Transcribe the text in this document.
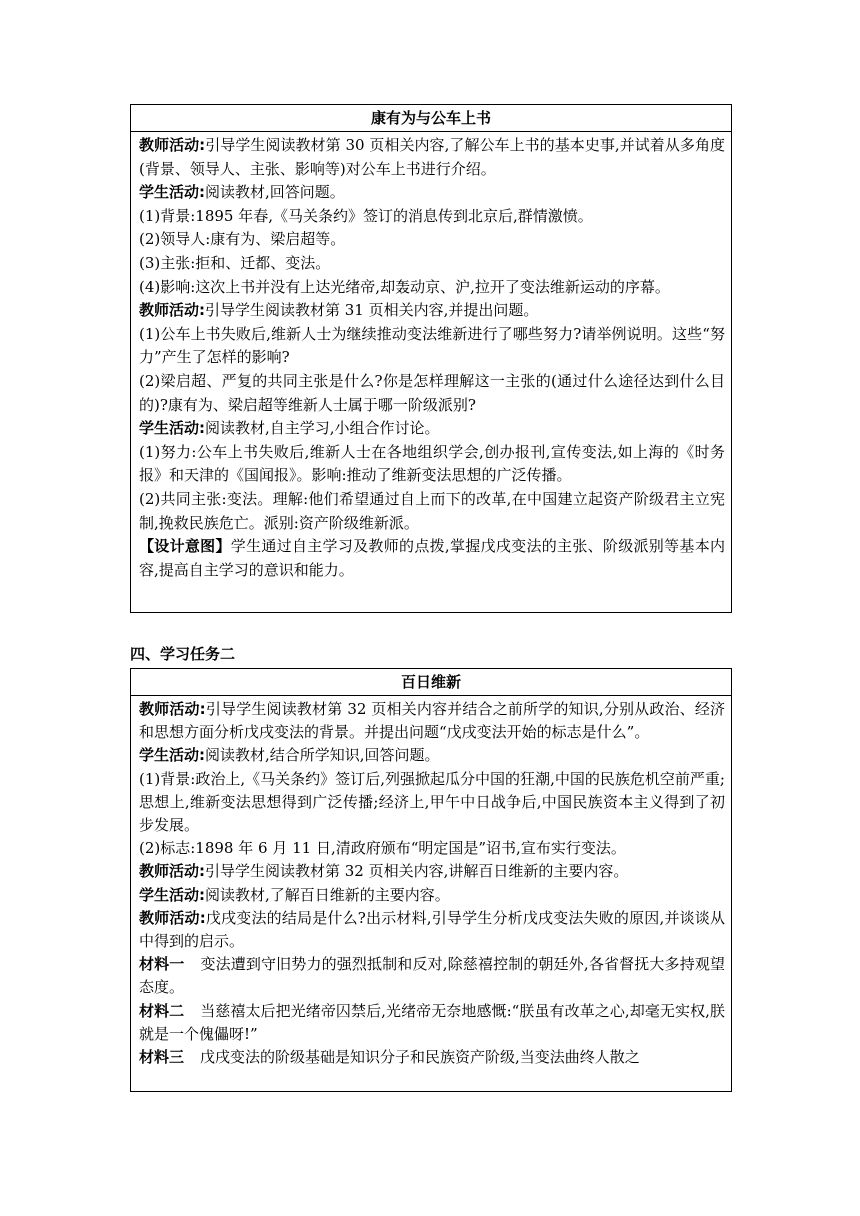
康有为与公车上书

教师活动:引导学生阅读教材第 30 页相关内容,了解公车上书的基本史事,并试着从多角度(背景、领导人、主张、影响等)对公车上书进行介绍。

学生活动:阅读教材,回答问题。

(1)背景:1895 年春,《马关条约》签订的消息传到北京后,群情激愤。

(2)领导人:康有为、梁启超等。

(3)主张:拒和、迁都、变法。

(4)影响:这次上书并没有上达光绪帝,却轰动京、沪,拉开了变法维新运动的序幕。

教师活动:引导学生阅读教材第 31 页相关内容,并提出问题。

(1)公车上书失败后,维新人士为继续推动变法维新进行了哪些努力?请举例说明。这些“努力”产生了怎样的影响?

(2)梁启超、严复的共同主张是什么?你是怎样理解这一主张的(通过什么途径达到什么目的)?康有为、梁启超等维新人士属于哪一阶级派别?

学生活动:阅读教材,自主学习,小组合作讨论。

(1)努力:公车上书失败后,维新人士在各地组织学会,创办报刊,宣传变法,如上海的《时务报》和天津的《国闻报》。影响:推动了维新变法思想的广泛传播。

(2)共同主张:变法。理解:他们希望通过自上而下的改革,在中国建立起资产阶级君主立宪制,挽救民族危亡。派别:资产阶级维新派。

【设计意图】学生通过自主学习及教师的点拨,掌握戊戌变法的主张、阶级派别等基本内容,提高自主学习的意识和能力。

四、学习任务二
百日维新

教师活动:引导学生阅读教材第 32 页相关内容并结合之前所学的知识,分别从政治、经济和思想方面分析戊戌变法的背景。并提出问题“戊戌变法开始的标志是什么”。

学生活动:阅读教材,结合所学知识,回答问题。

(1)背景:政治上,《马关条约》签订后,列强掀起瓜分中国的狂潮,中国的民族危机空前严重;思想上,维新变法思想得到广泛传播;经济上,甲午中日战争后,中国民族资本主义得到了初步发展。

(2)标志:1898 年 6 月 11 日,清政府颁布“明定国是”诏书,宣布实行变法。

教师活动:引导学生阅读教材第 32 页相关内容,讲解百日维新的主要内容。

学生活动:阅读教材,了解百日维新的主要内容。

教师活动:戊戌变法的结局是什么?出示材料,引导学生分析戊戌变法失败的原因,并谈谈从中得到的启示。

材料一 变法遭到守旧势力的强烈抵制和反对,除慈禧控制的朝廷外,各省督抚大多持观望态度。

材料二 当慈禧太后把光绪帝囚禁后,光绪帝无奈地感慨:“朕虽有改革之心,却毫无实权,朕就是一个傀儡呀!”

材料三 戊戌变法的阶级基础是知识分子和民族资产阶级,当变法曲终人散之
